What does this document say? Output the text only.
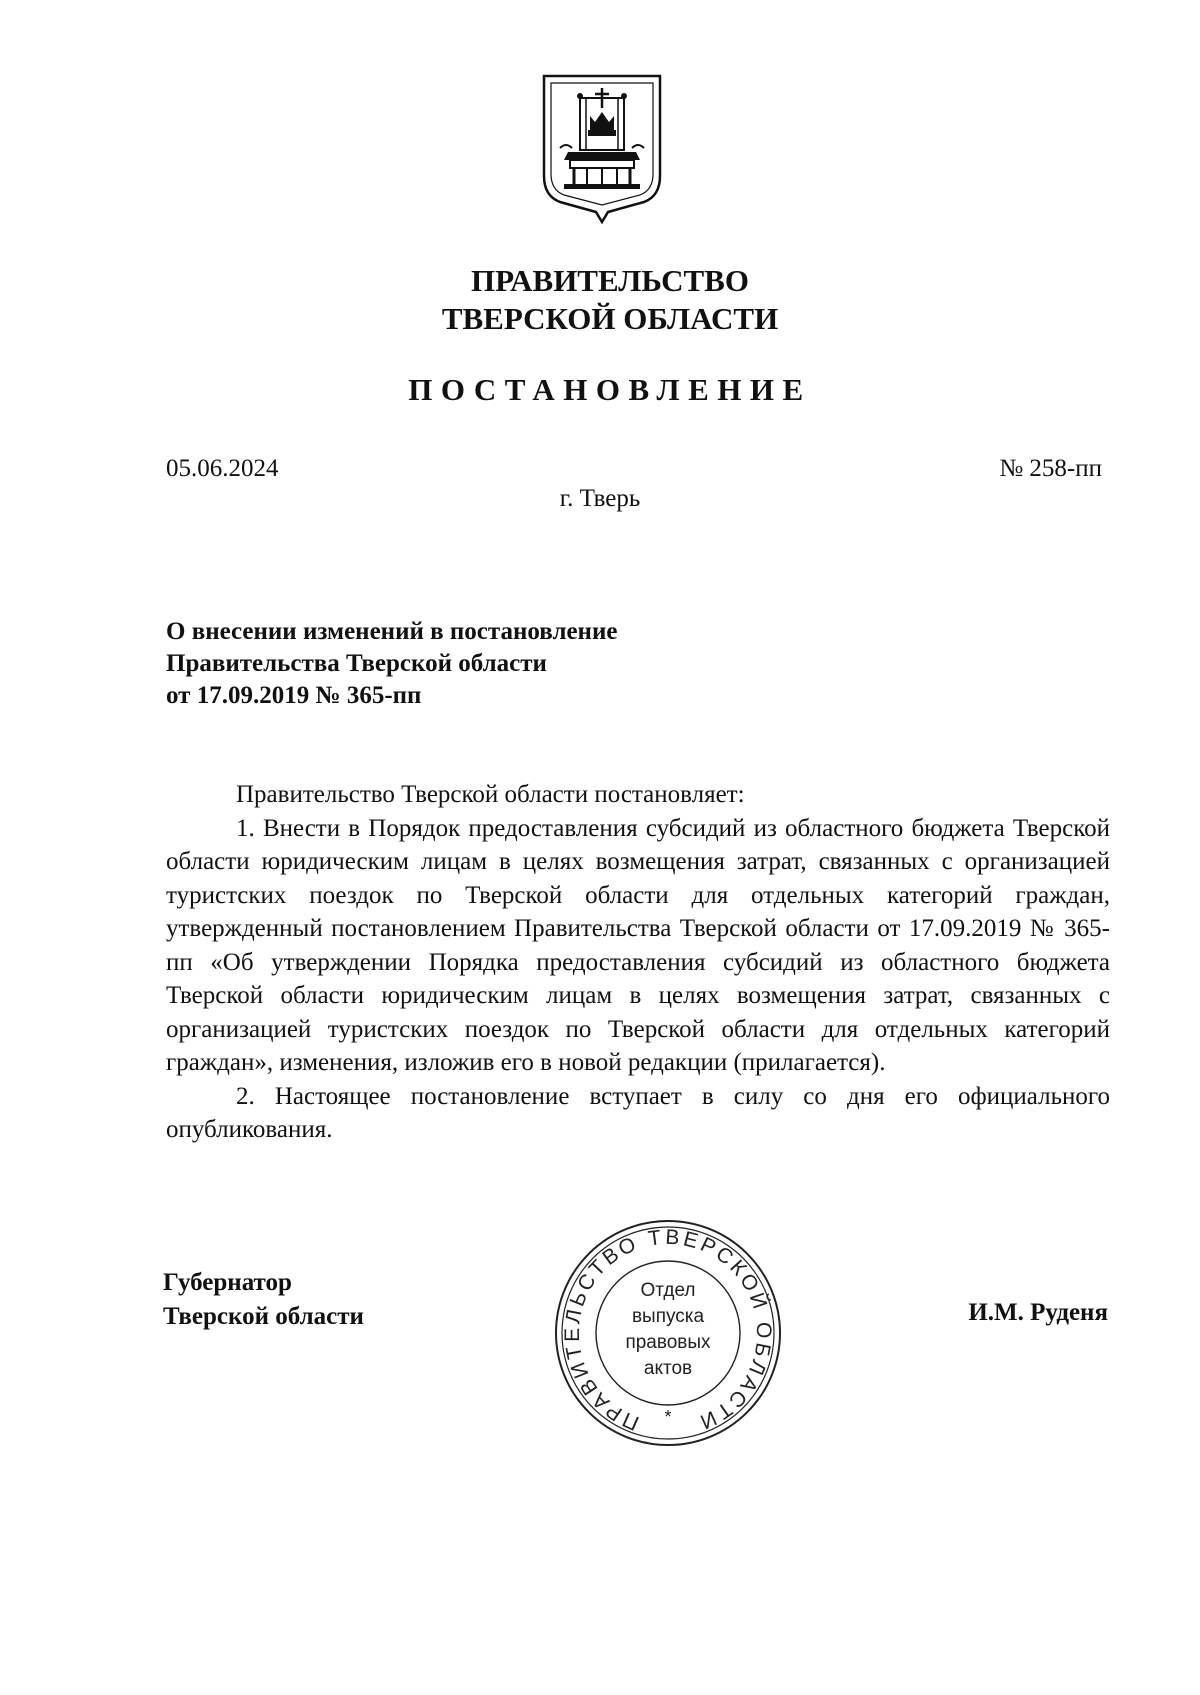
ПРАВИТЕЛЬСТВО
ТВЕРСКОЙ ОБЛАСТИ
ПОСТАНОВЛЕНИЕ
05.06.2024	№ 258-пп
г. Тверь
О внесении изменений в постановление
Правительства Тверской области
от 17.09.2019 № 365-пп

Правительство Тверской области постановляет:

1. Внести в Порядок предоставления субсидий из областного бюджета Тверской области юридическим лицам в целях возмещения затрат, связанных с организацией туристских поездок по Тверской области для отдельных категорий граждан, утвержденный постановлением Правительства Тверской области от 17.09.2019 № 365-пп «Об утверждении Порядка предоставления субсидий из областного бюджета Тверской области юридическим лицам в целях возмещения затрат, связанных с организацией туристских поездок по Тверской области для отдельных категорий граждан», изменения, изложив его в новой редакции (прилагается).

2. Настоящее постановление вступает в силу со дня его официального опубликования.

Губернатор
Тверской области
ПРАВИТЕЛЬСТВО ТВЕРСКОЙ ОБЛАСТИ
Отдел
выпуска
правовых
актов
*
И.М. Руденя
